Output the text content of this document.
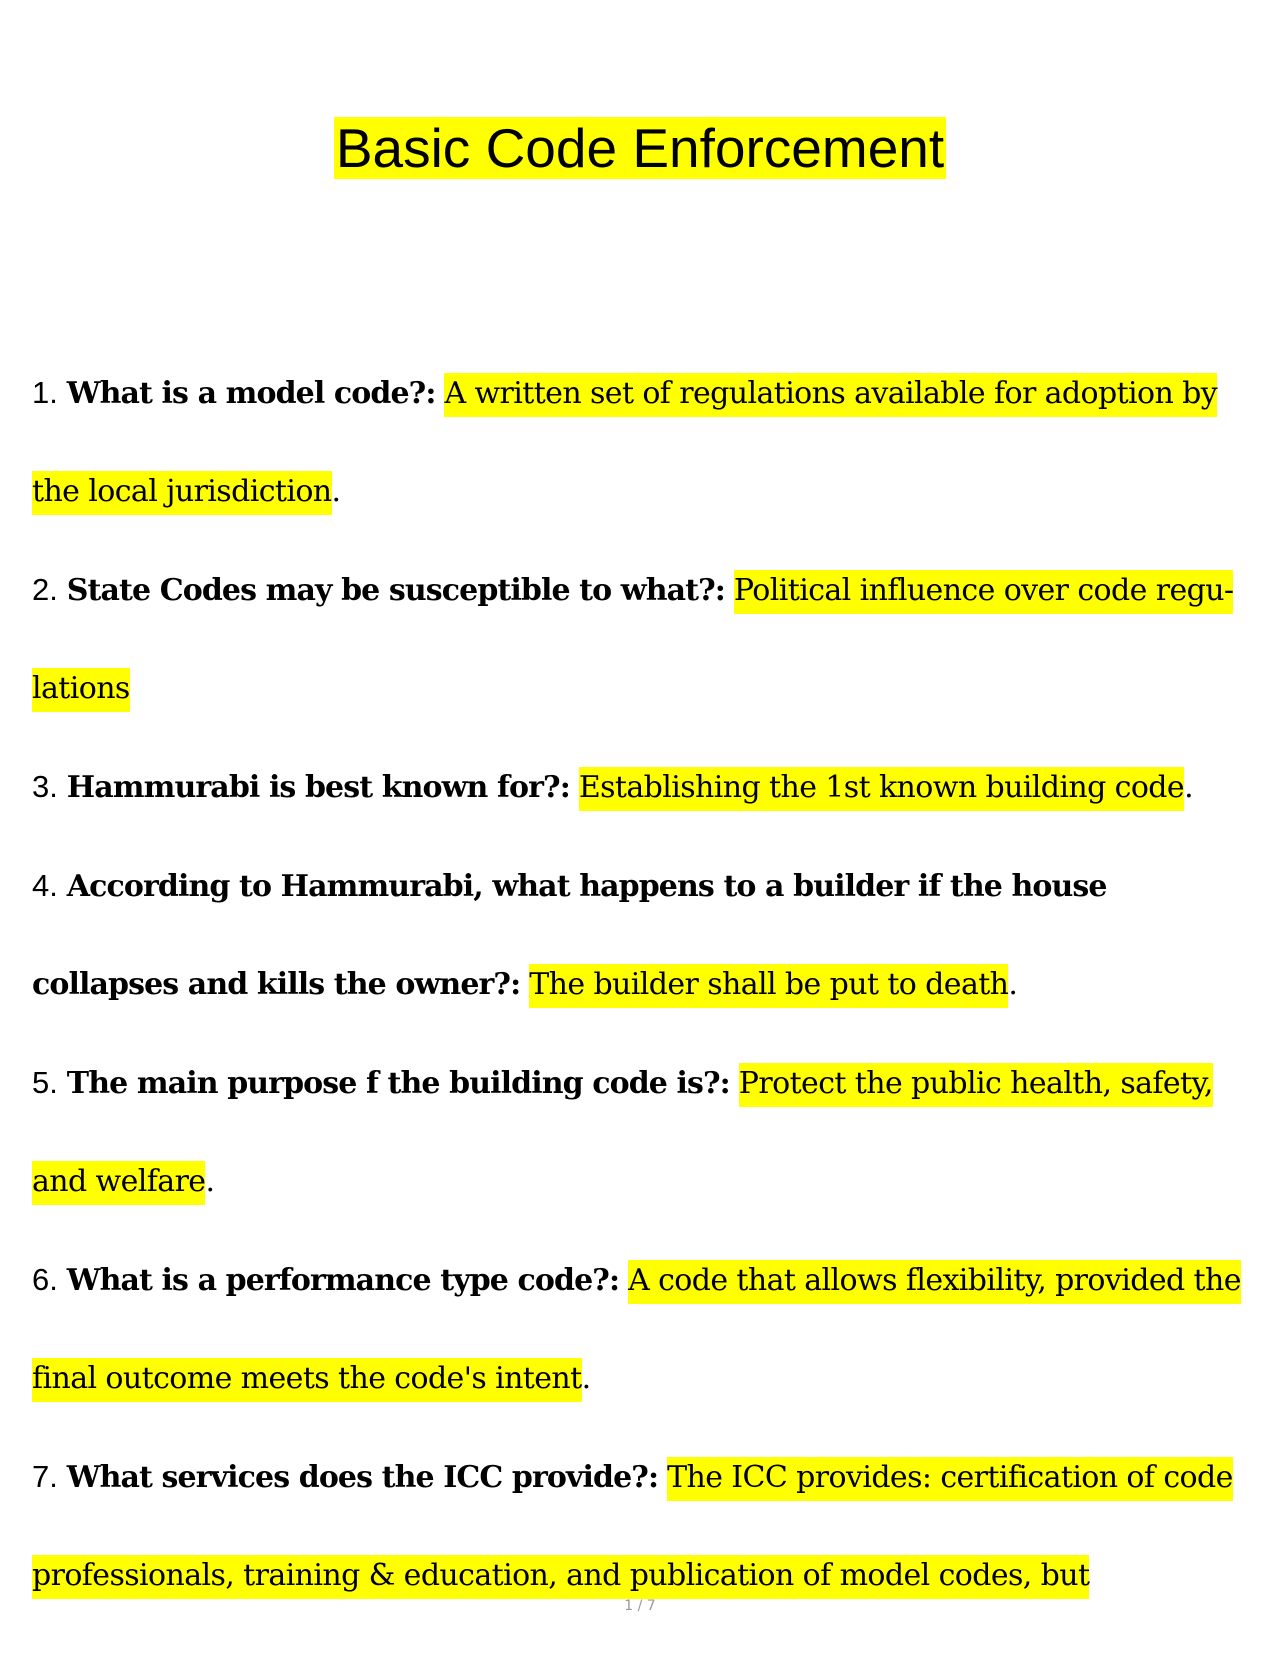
Basic Code Enforcement

1. What is a model code?: A written set of regulations available for adoption by the local jurisdiction.

2. State Codes may be susceptible to what?: Political influence over code regu- lations

3. Hammurabi is best known for?: Establishing the 1st known building code.

4. According to Hammurabi, what happens to a builder if the house collapses and kills the owner?: The builder shall be put to death.

5. The main purpose f the building code is?: Protect the public health, safety, and welfare.

6. What is a performance type code?: A code that allows flexibility, provided the final outcome meets the code's intent.

7. What services does the ICC provide?: The ICC provides: certification of code professionals, training & education, and publication of model codes, but

1 / 7
